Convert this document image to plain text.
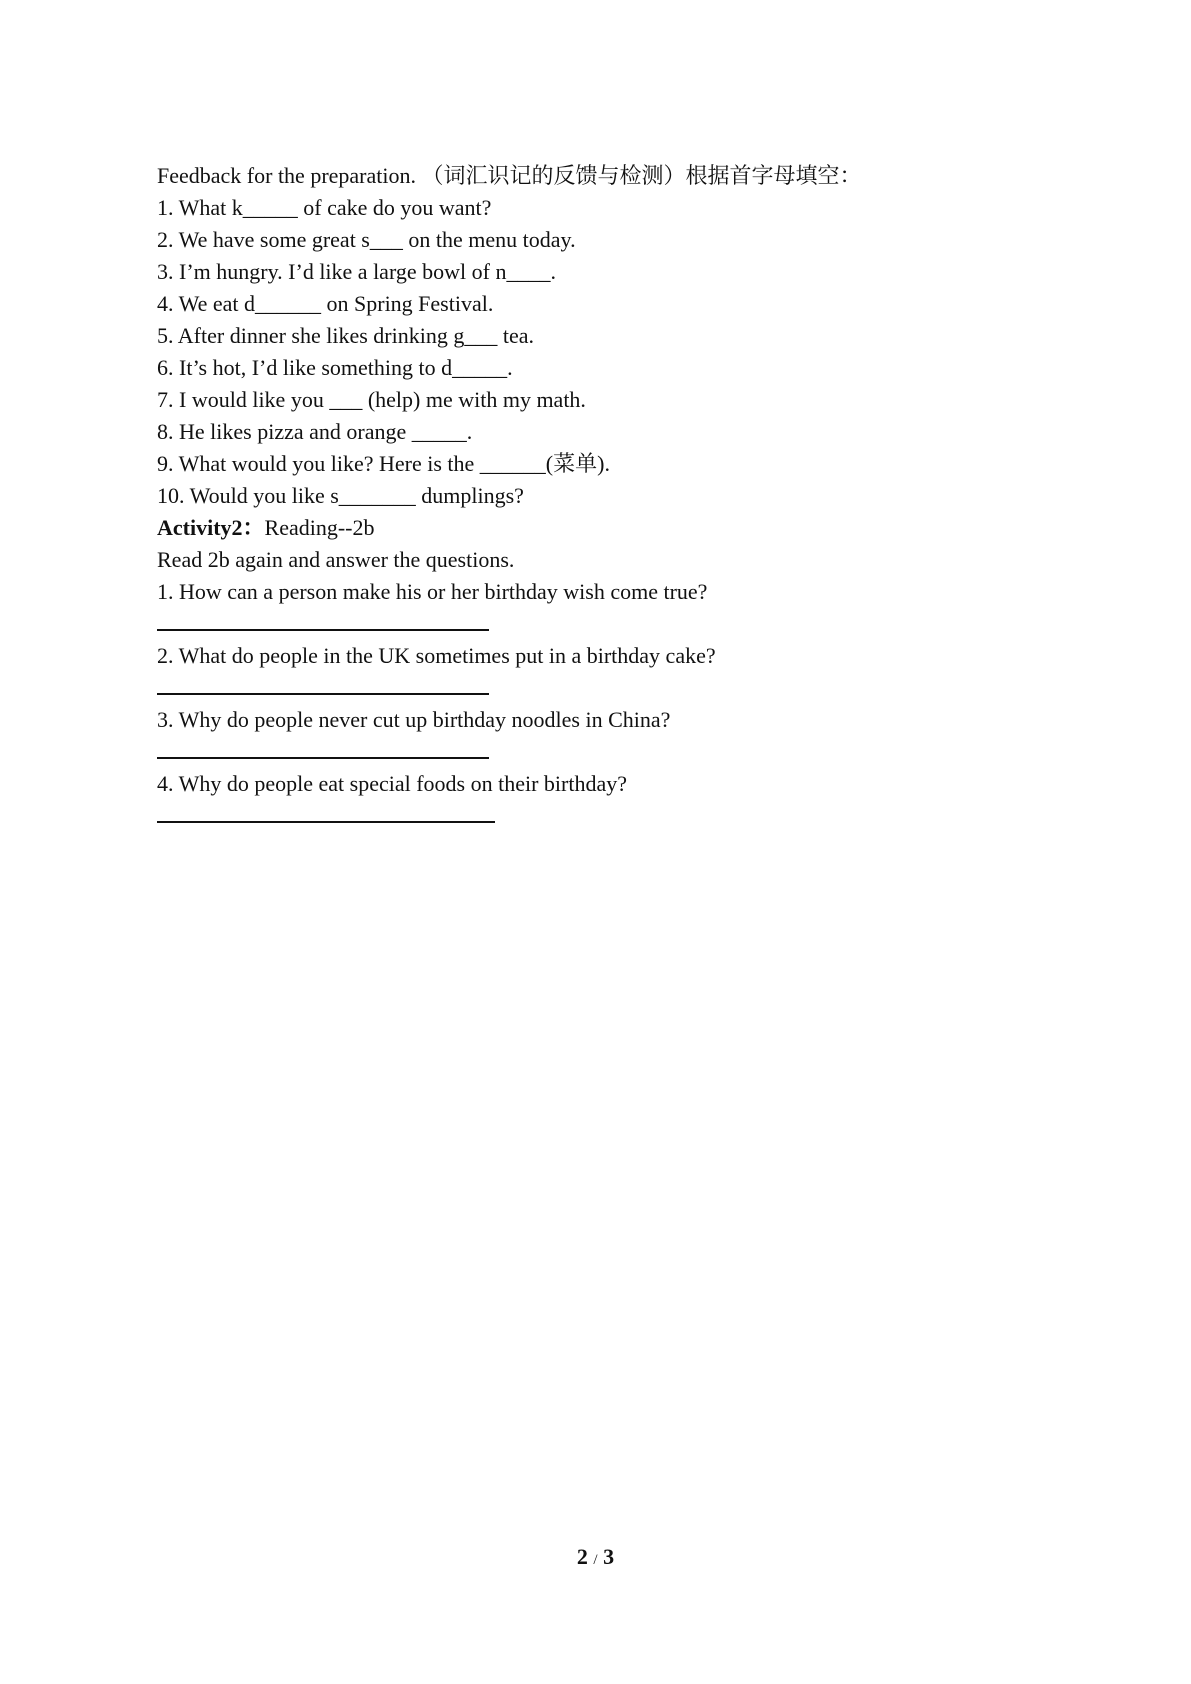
Feedback for the preparation. （词汇识记的反馈与检测）根据首字母填空：
1. What k_____ of cake do you want?
2. We have some great s___ on the menu today.
3. I’m hungry. I’d like a large bowl of n____.
4. We eat d______ on Spring Festival.
5. After dinner she likes drinking g___ tea.
6. It’s hot, I’d like something to d_____.
7. I would like you ___ (help) me with my math.
8. He likes pizza and orange _____.
9. What would you like? Here is the ______(菜单).
10. Would you like s_______ dumplings?
Activity2：Reading--2b
Read 2b again and answer the questions.
1. How can a person make his or her birthday wish come true?
2. What do people in the UK sometimes put in a birthday cake?
3. Why do people never cut up birthday noodles in China?
4. Why do people eat special foods on their birthday?
2 / 3
